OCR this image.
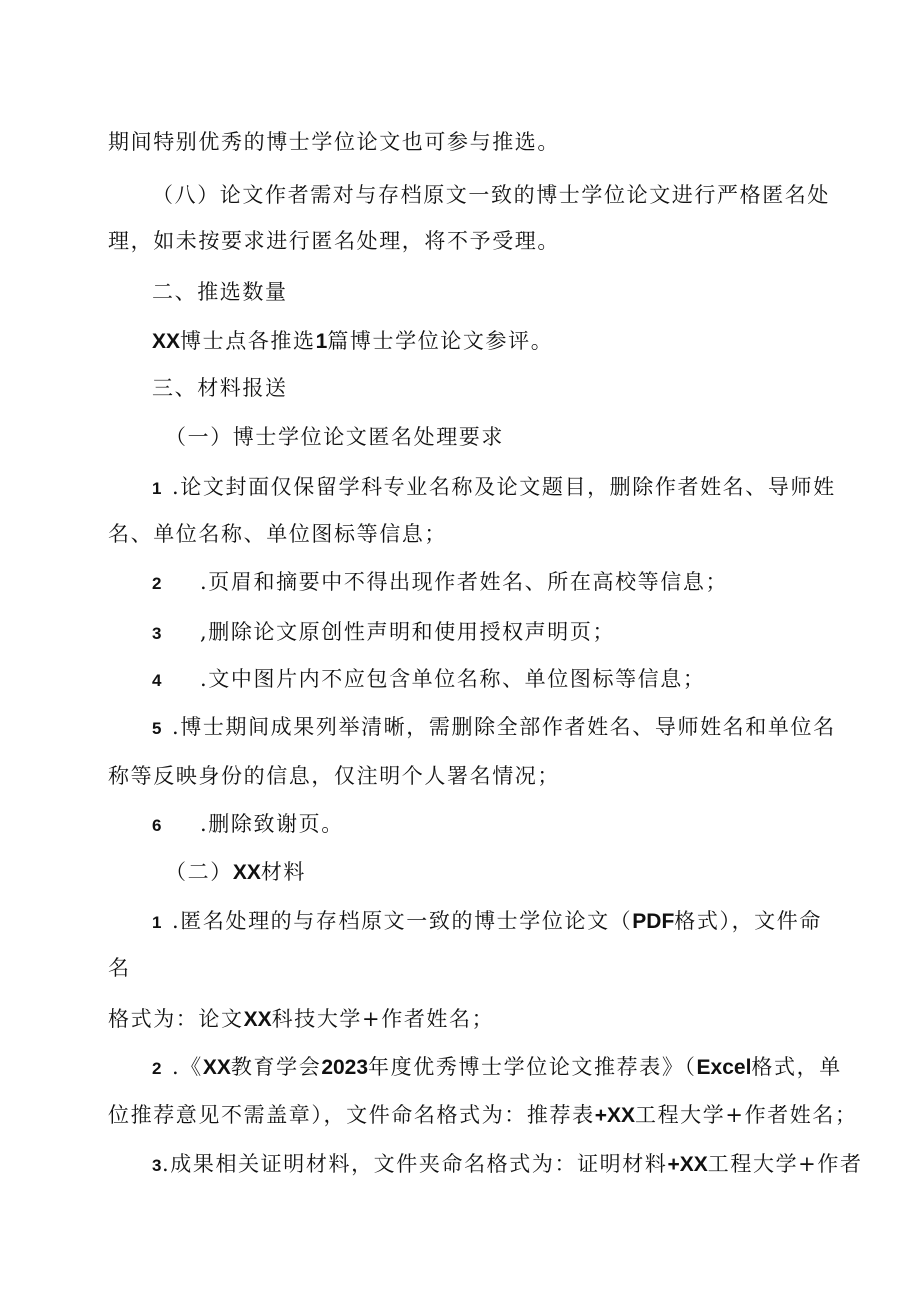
期间特别优秀的博士学位论文也可参与推选。
（八）论文作者需对与存档原文一致的博士学位论文进行严格匿名处
理，如未按要求进行匿名处理，将不予受理。
二、推选数量
XX博士点各推选1篇博士学位论文参评。
三、材料报送
（一）博士学位论文匿名处理要求
1 .论文封面仅保留学科专业名称及论文题目，删除作者姓名、导师姓
名、单位名称、单位图标等信息；
2 .页眉和摘要中不得出现作者姓名、所在高校等信息；
3 ,删除论文原创性声明和使用授权声明页；
4 .文中图片内不应包含单位名称、单位图标等信息；
5 .博士期间成果列举清晰，需删除全部作者姓名、导师姓名和单位名
称等反映身份的信息，仅注明个人署名情况；
6 .删除致谢页。
（二）XX材料
1 .匿名处理的与存档原文一致的博士学位论文（PDF格式），文件命
名
格式为：论文XX科技大学+作者姓名；
2 .《XX教育学会2023年度优秀博士学位论文推荐表》（Excel格式，单
位推荐意见不需盖章），文件命名格式为：推荐表+XX工程大学+作者姓名；
3.成果相关证明材料，文件夹命名格式为：证明材料+XX工程大学+作者
